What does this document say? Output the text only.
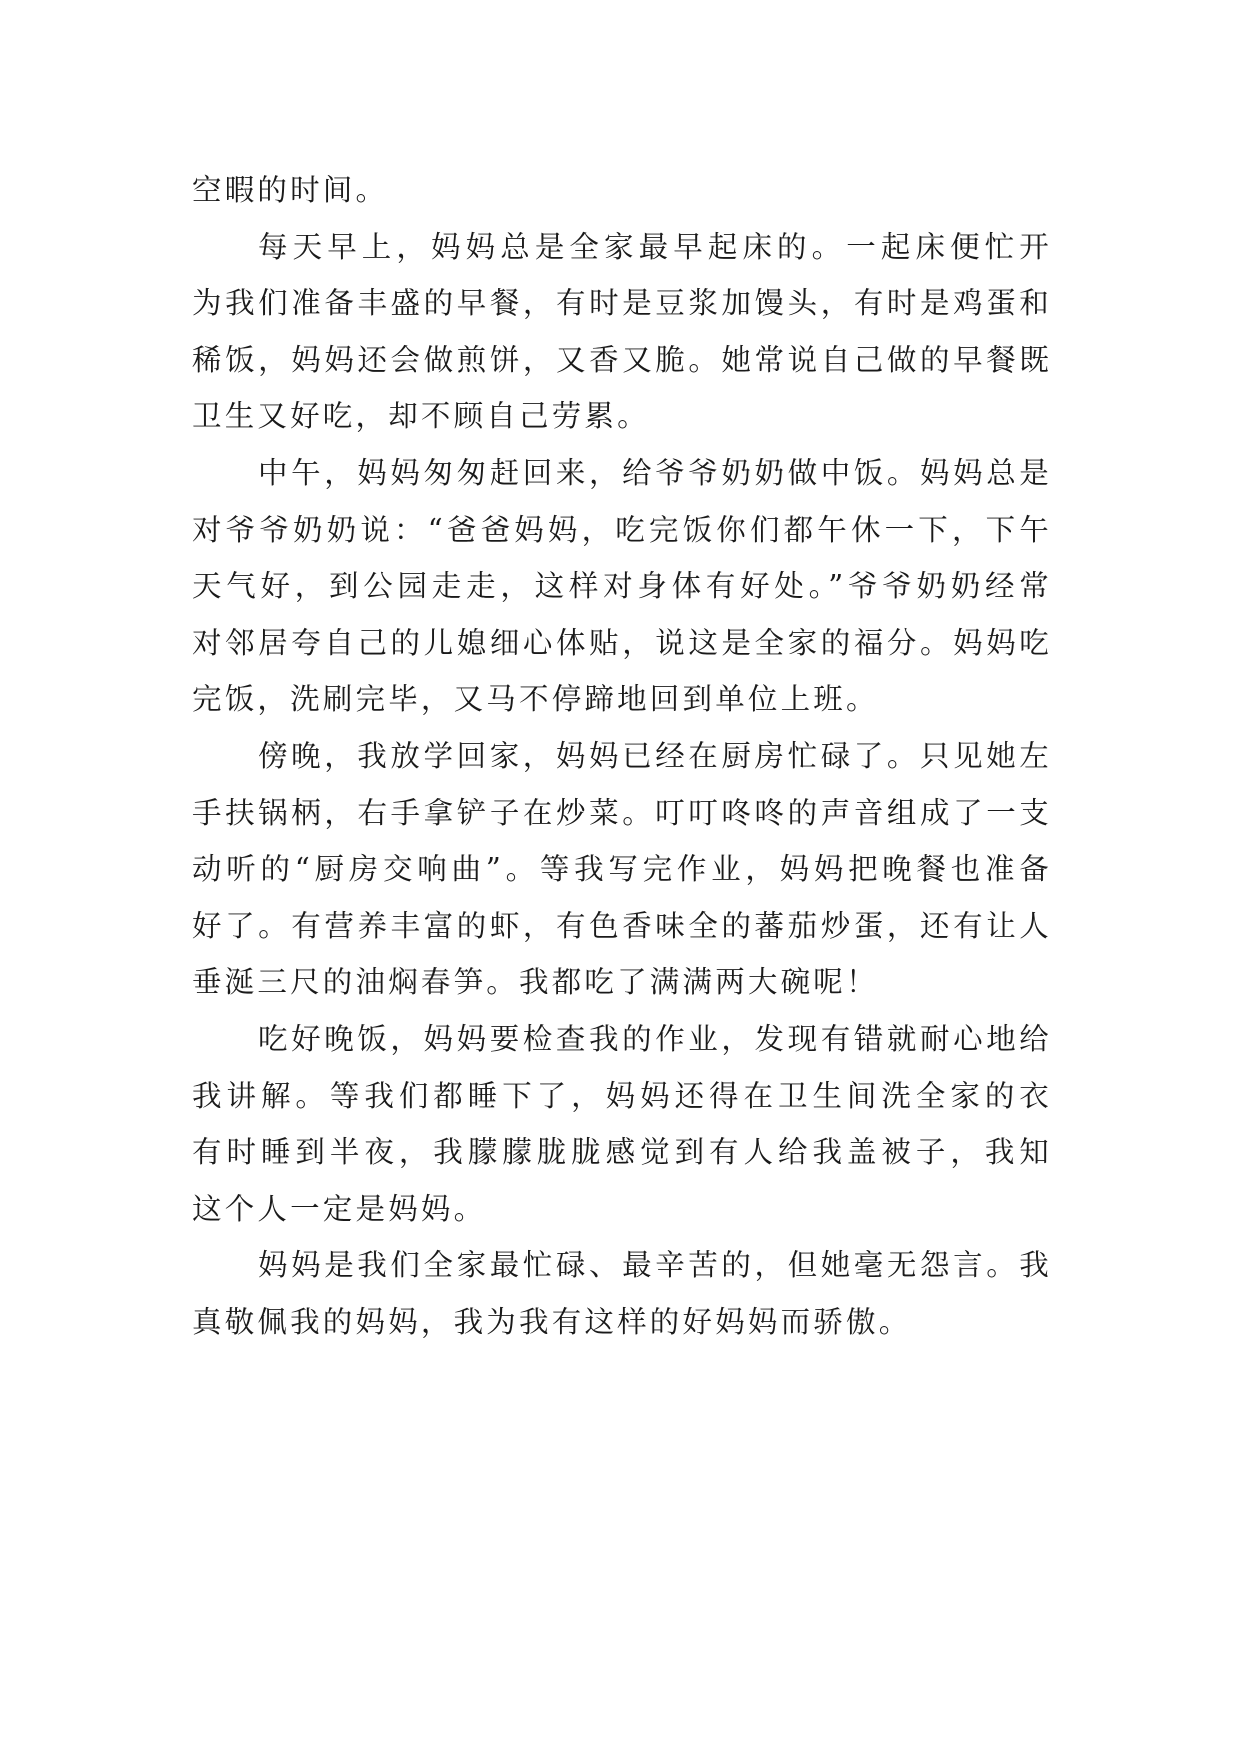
空暇的时间。
每天早上，妈妈总是全家最早起床的。一起床便忙开
为我们准备丰盛的早餐，有时是豆浆加馒头，有时是鸡蛋和
稀饭，妈妈还会做煎饼，又香又脆。她常说自己做的早餐既
卫生又好吃，却不顾自己劳累。
中午，妈妈匆匆赶回来，给爷爷奶奶做中饭。妈妈总是
对爷爷奶奶说：“爸爸妈妈，吃完饭你们都午休一下，下午
天气好，到公园走走，这样对身体有好处。”爷爷奶奶经常
对邻居夸自己的儿媳细心体贴，说这是全家的福分。妈妈吃
完饭，洗刷完毕，又马不停蹄地回到单位上班。
傍晚，我放学回家，妈妈已经在厨房忙碌了。只见她左
手扶锅柄，右手拿铲子在炒菜。叮叮咚咚的声音组成了一支
动听的“厨房交响曲”。等我写完作业，妈妈把晚餐也准备
好了。有营养丰富的虾，有色香味全的蕃茄炒蛋，还有让人
垂涎三尺的油焖春笋。我都吃了满满两大碗呢！
吃好晚饭，妈妈要检查我的作业，发现有错就耐心地给
我讲解。等我们都睡下了，妈妈还得在卫生间洗全家的衣
有时睡到半夜，我朦朦胧胧感觉到有人给我盖被子，我知
这个人一定是妈妈。
妈妈是我们全家最忙碌、最辛苦的，但她毫无怨言。我
真敬佩我的妈妈，我为我有这样的好妈妈而骄傲。
